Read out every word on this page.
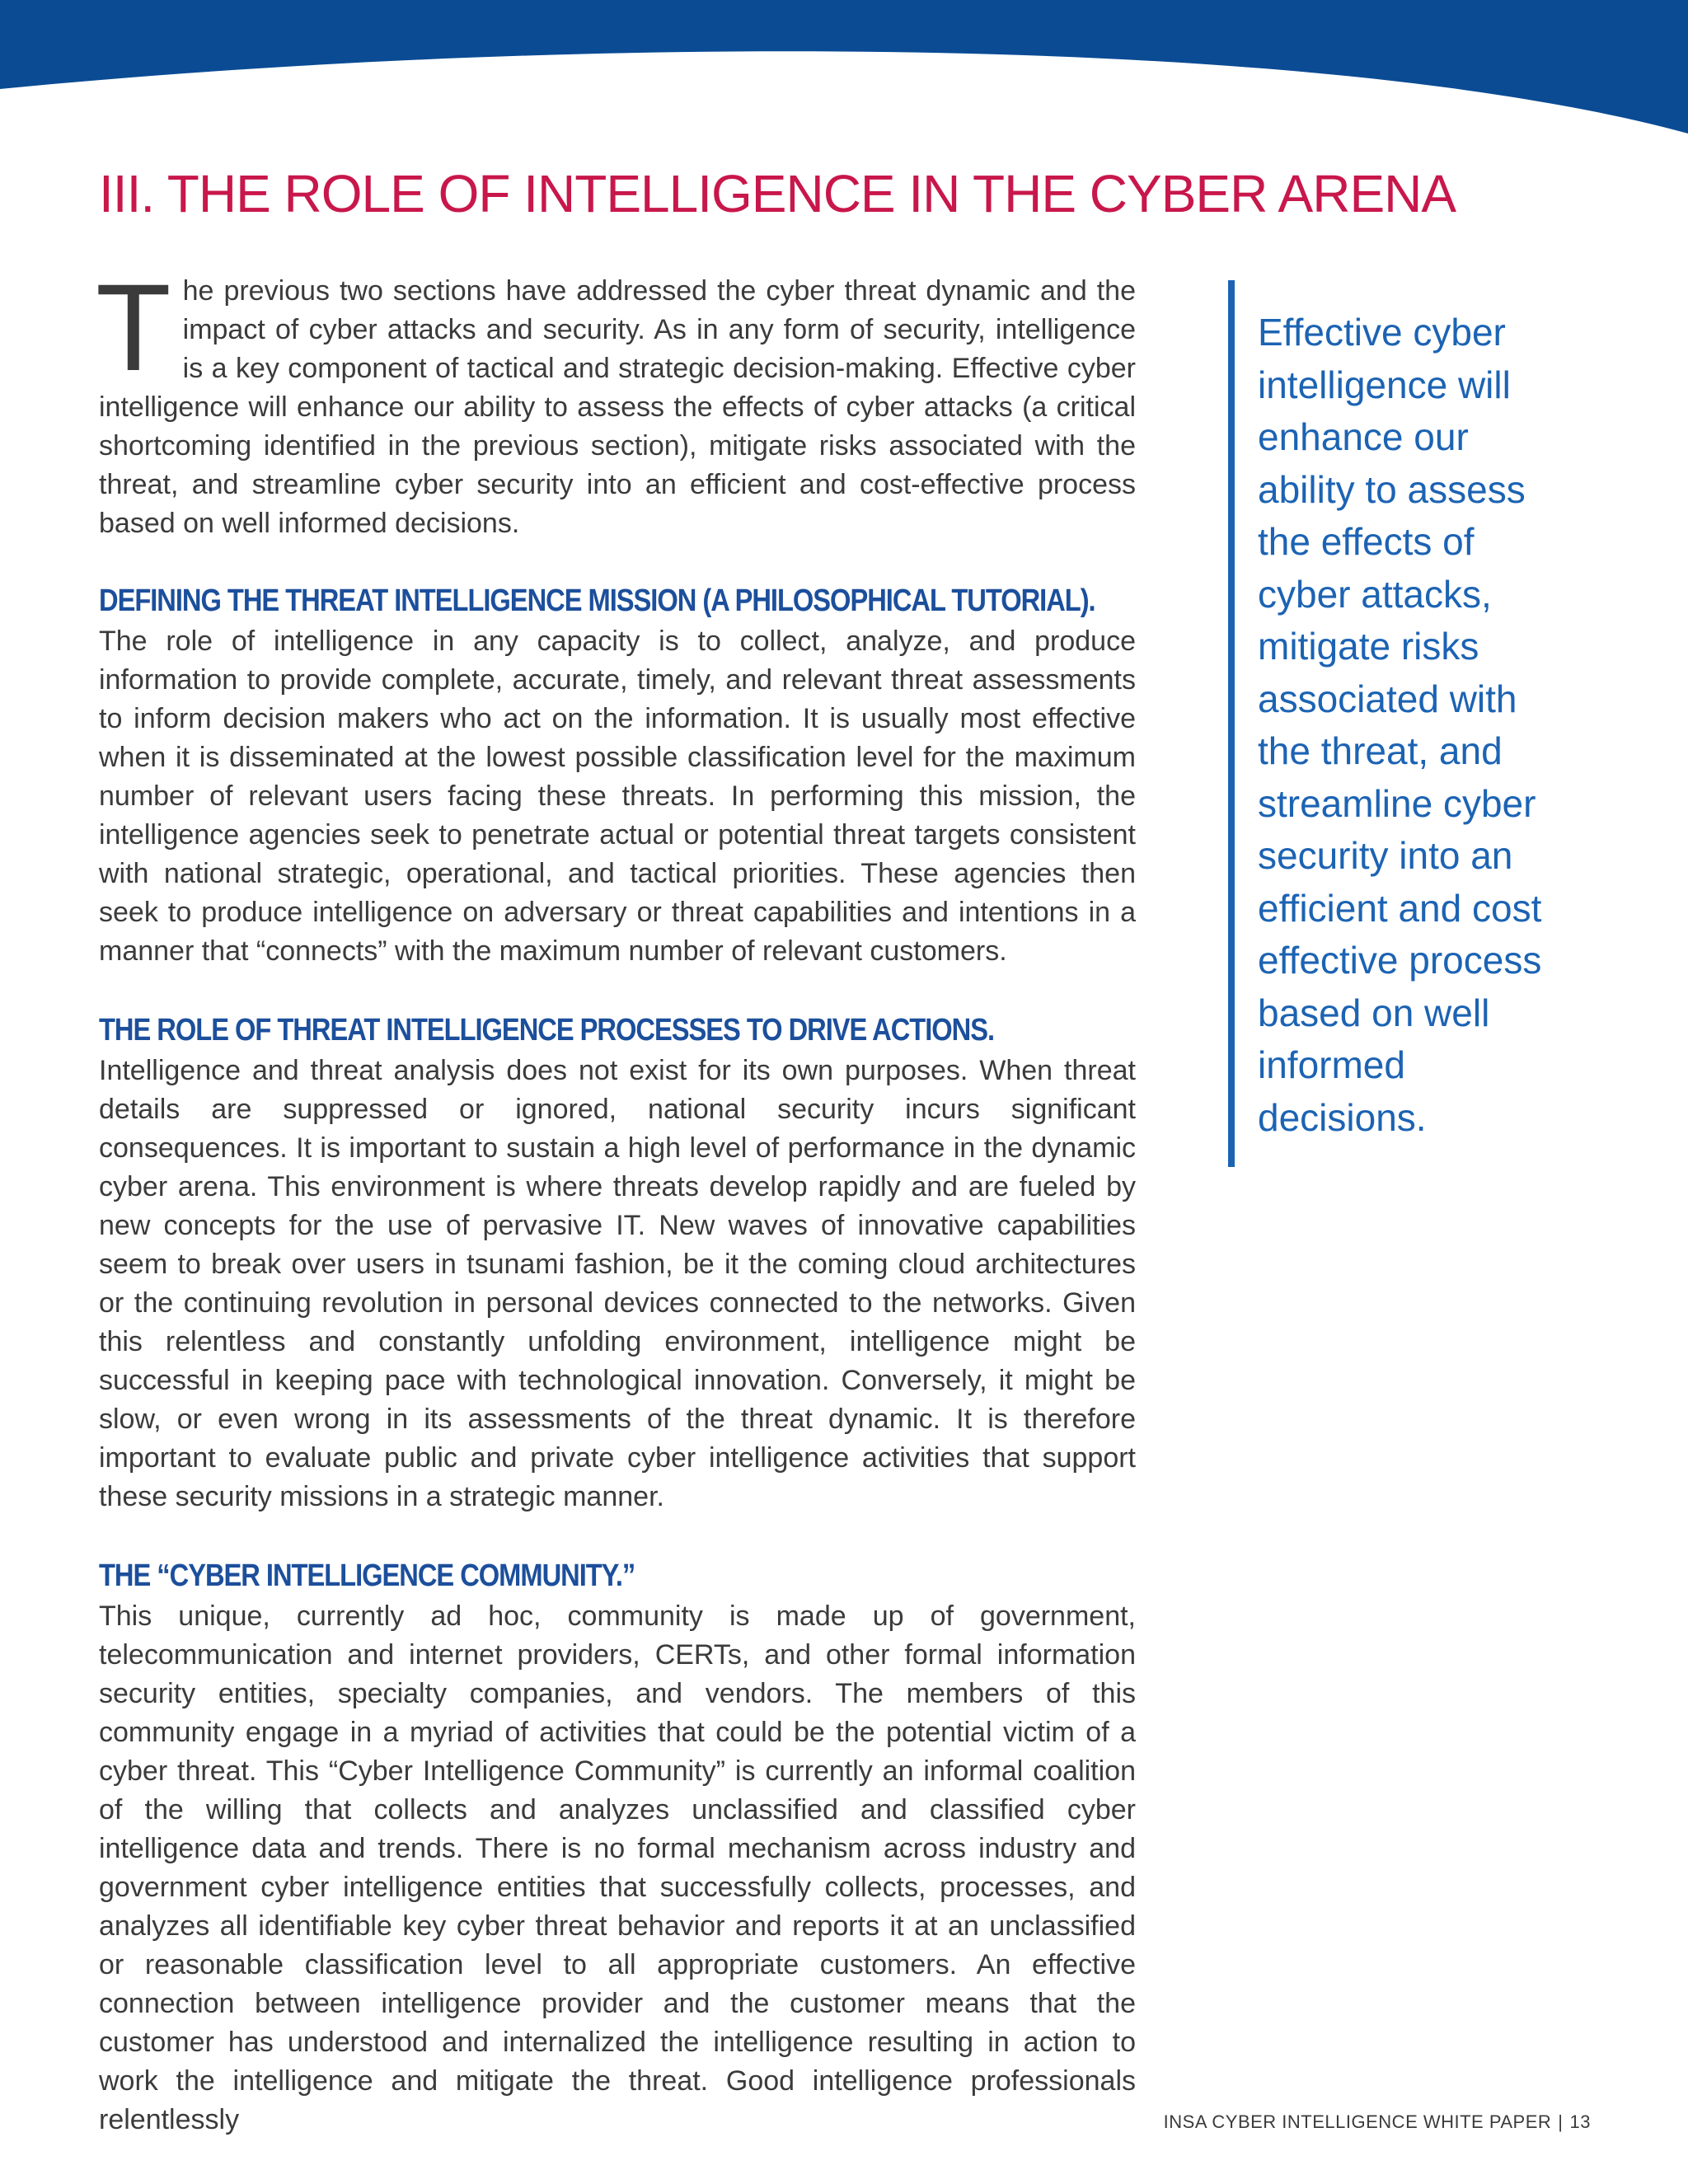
III. THE ROLE OF INTELLIGENCE IN THE CYBER ARENA

The previous two sections have addressed the cyber threat dynamic and the impact of cyber attacks and security. As in any form of security, intelligence is a key component of tactical and strategic decision-making. Effective cyber intelligence will enhance our ability to assess the effects of cyber attacks (a critical shortcoming identified in the previous section), mitigate risks associated with the threat, and streamline cyber security into an efficient and cost-effective process based on well informed decisions.

DEFINING THE THREAT INTELLIGENCE MISSION (A PHILOSOPHICAL TUTORIAL).

The role of intelligence in any capacity is to collect, analyze, and produce information to provide complete, accurate, timely, and relevant threat assessments to inform decision makers who act on the information. It is usually most effective when it is disseminated at the lowest possible classification level for the maximum number of relevant users facing these threats. In performing this mission, the intelligence agencies seek to penetrate actual or potential threat targets consistent with national strategic, operational, and tactical priorities. These agencies then seek to produce intelligence on adversary or threat capabilities and intentions in a manner that “connects” with the maximum number of relevant customers.

THE ROLE OF THREAT INTELLIGENCE PROCESSES TO DRIVE ACTIONS.

Intelligence and threat analysis does not exist for its own purposes. When threat details are suppressed or ignored, national security incurs significant consequences. It is important to sustain a high level of performance in the dynamic cyber arena. This environment is where threats develop rapidly and are fueled by new concepts for the use of pervasive IT. New waves of innovative capabilities seem to break over users in tsunami fashion, be it the coming cloud architectures or the continuing revolution in personal devices connected to the networks. Given this relentless and constantly unfolding environment, intelligence might be successful in keeping pace with technological innovation. Conversely, it might be slow, or even wrong in its assessments of the threat dynamic. It is therefore important to evaluate public and private cyber intelligence activities that support these security missions in a strategic manner.

THE “CYBER INTELLIGENCE COMMUNITY.”

This unique, currently ad hoc, community is made up of government, telecommunication and internet providers, CERTs, and other formal information security entities, specialty companies, and vendors. The members of this community engage in a myriad of activities that could be the potential victim of a cyber threat. This “Cyber Intelligence Community” is currently an informal coalition of the willing that collects and analyzes unclassified and classified cyber intelligence data and trends. There is no formal mechanism across industry and government cyber intelligence entities that successfully collects, processes, and analyzes all identifiable key cyber threat behavior and reports it at an unclassified or reasonable classification level to all appropriate customers. An effective connection between intelligence provider and the customer means that the customer has understood and internalized the intelligence resulting in action to work the intelligence and mitigate the threat. Good intelligence professionals relentlessly

Effective cyber intelligence will enhance our ability to assess the effects of cyber attacks, mitigate risks associated with the threat, and streamline cyber security into an efficient and cost effective process based on well informed decisions.

INSA CYBER INTELLIGENCE WHITE PAPER | 13
